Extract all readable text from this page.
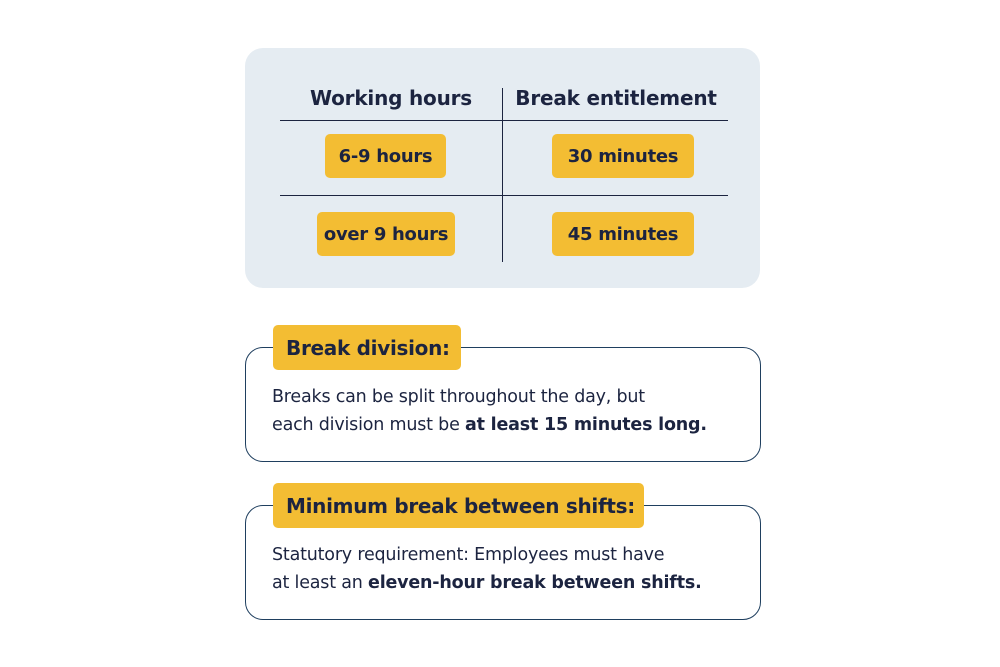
Working hours	Break entitlement
6-9 hours	30 minutes
over 9 hours	45 minutes
Break division:
Breaks can be split throughout the day, but
each division must be at least 15 minutes long.
Minimum break between shifts:
Statutory requirement: Employees must have
at least an eleven-hour break between shifts.
